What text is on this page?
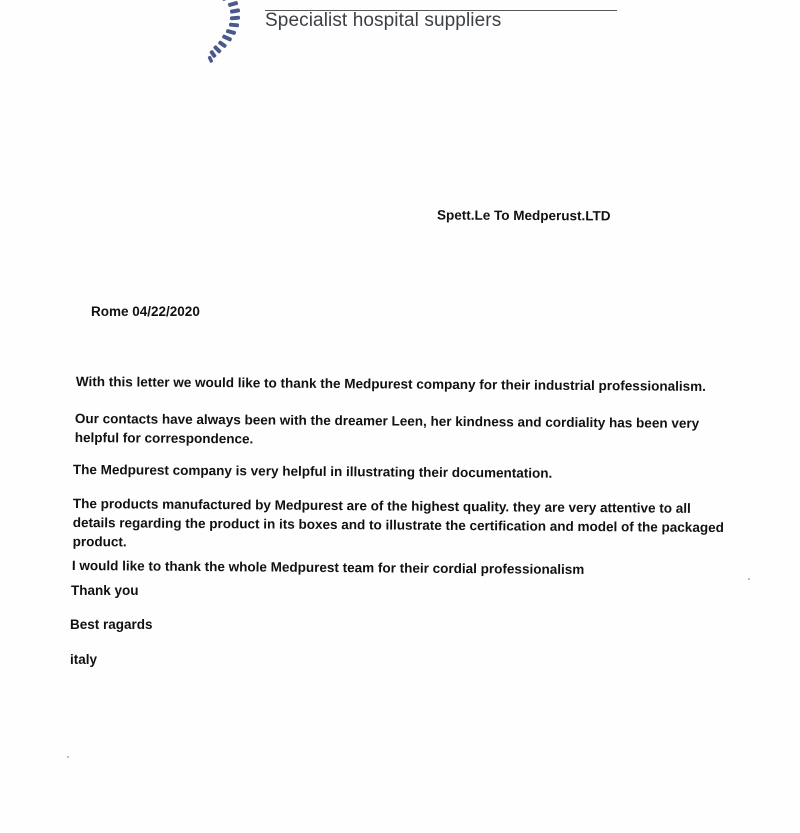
Specialist hospital suppliers
Spett.Le To Medperust.LTD
Rome 04/22/2020
With this letter we would like to thank the Medpurest company for their industrial professionalism.
Our contacts have always been with the dreamer Leen, her kindness and cordiality has been very helpful for correspondence.
The Medpurest company is very helpful in illustrating their documentation.
The products manufactured by Medpurest are of the highest quality. they are very attentive to all details regarding the product in its boxes and to illustrate the certification and model of the packaged product.
I would like to thank the whole Medpurest team for their cordial professionalism
Thank you
Best ragards
italy
